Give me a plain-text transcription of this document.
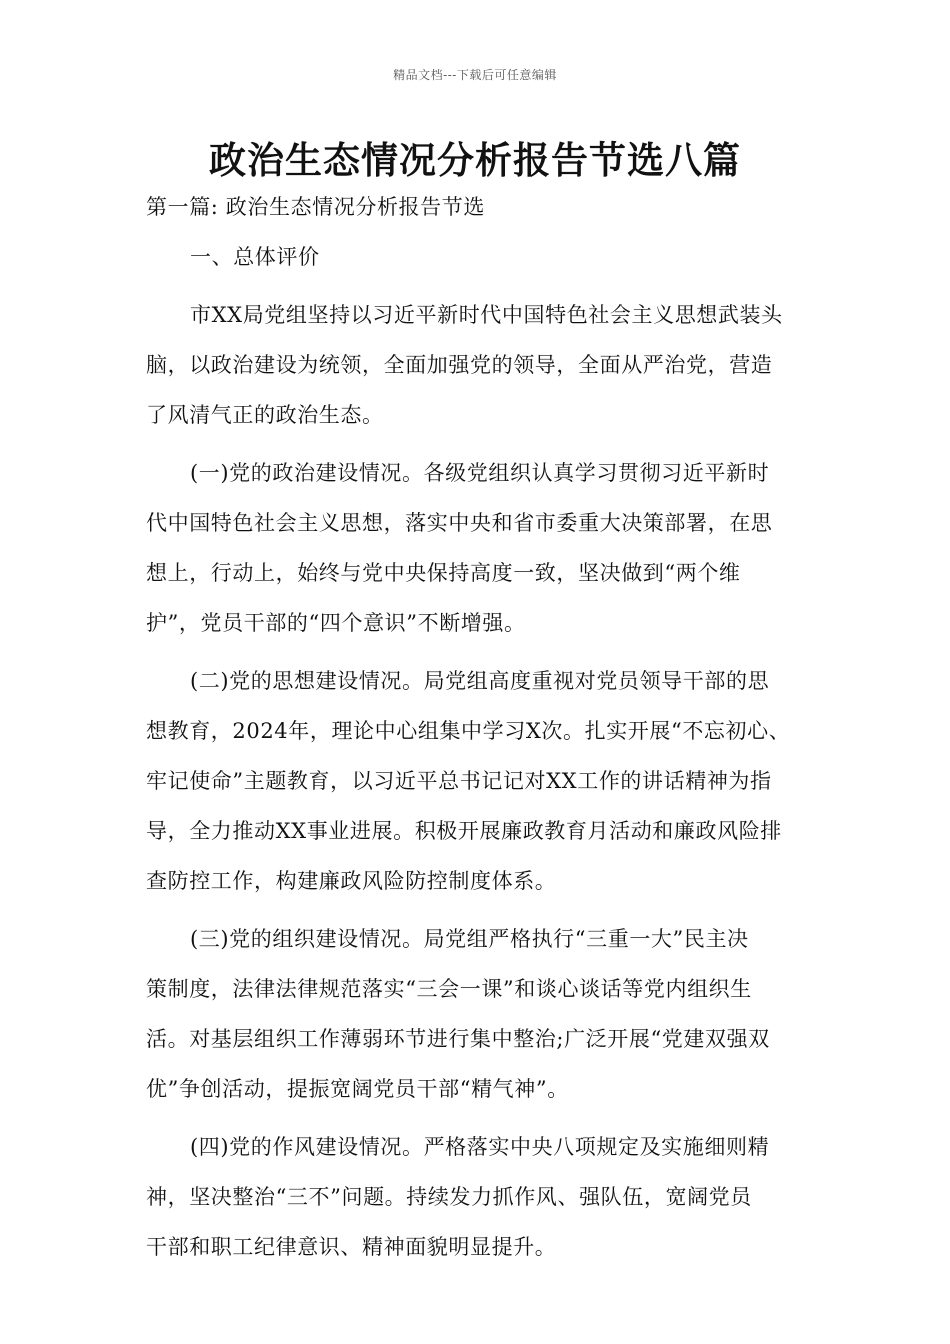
精品文档---下载后可任意编辑
政治生态情况分析报告节选八篇
第一篇: 政治生态情况分析报告节选
一、总体评价
市XX局党组坚持以习近平新时代中国特色社会主义思想武装头
脑，以政治建设为统领，全面加强党的领导，全面从严治党，营造
了风清气正的政治生态。
(一)党的政治建设情况。各级党组织认真学习贯彻习近平新时
代中国特色社会主义思想，落实中央和省市委重大决策部署，在思
想上，行动上，始终与党中央保持高度一致，坚决做到“两个维
护”，党员干部的“四个意识”不断增强。
(二)党的思想建设情况。局党组高度重视对党员领导干部的思
想教育，2024年，理论中心组集中学习X次。扎实开展“不忘初心、
牢记使命”主题教育，以习近平总书记记对XX工作的讲话精神为指
导，全力推动XX事业进展。积极开展廉政教育月活动和廉政风险排
查防控工作，构建廉政风险防控制度体系。
(三)党的组织建设情况。局党组严格执行“三重一大”民主决
策制度，法律法律规范落实“三会一课”和谈心谈话等党内组织生
活。对基层组织工作薄弱环节进行集中整治;广泛开展“党建双强双
优”争创活动，提振宽阔党员干部“精气神”。
(四)党的作风建设情况。严格落实中央八项规定及实施细则精
神，坚决整治“三不”问题。持续发力抓作风、强队伍，宽阔党员
干部和职工纪律意识、精神面貌明显提升。
